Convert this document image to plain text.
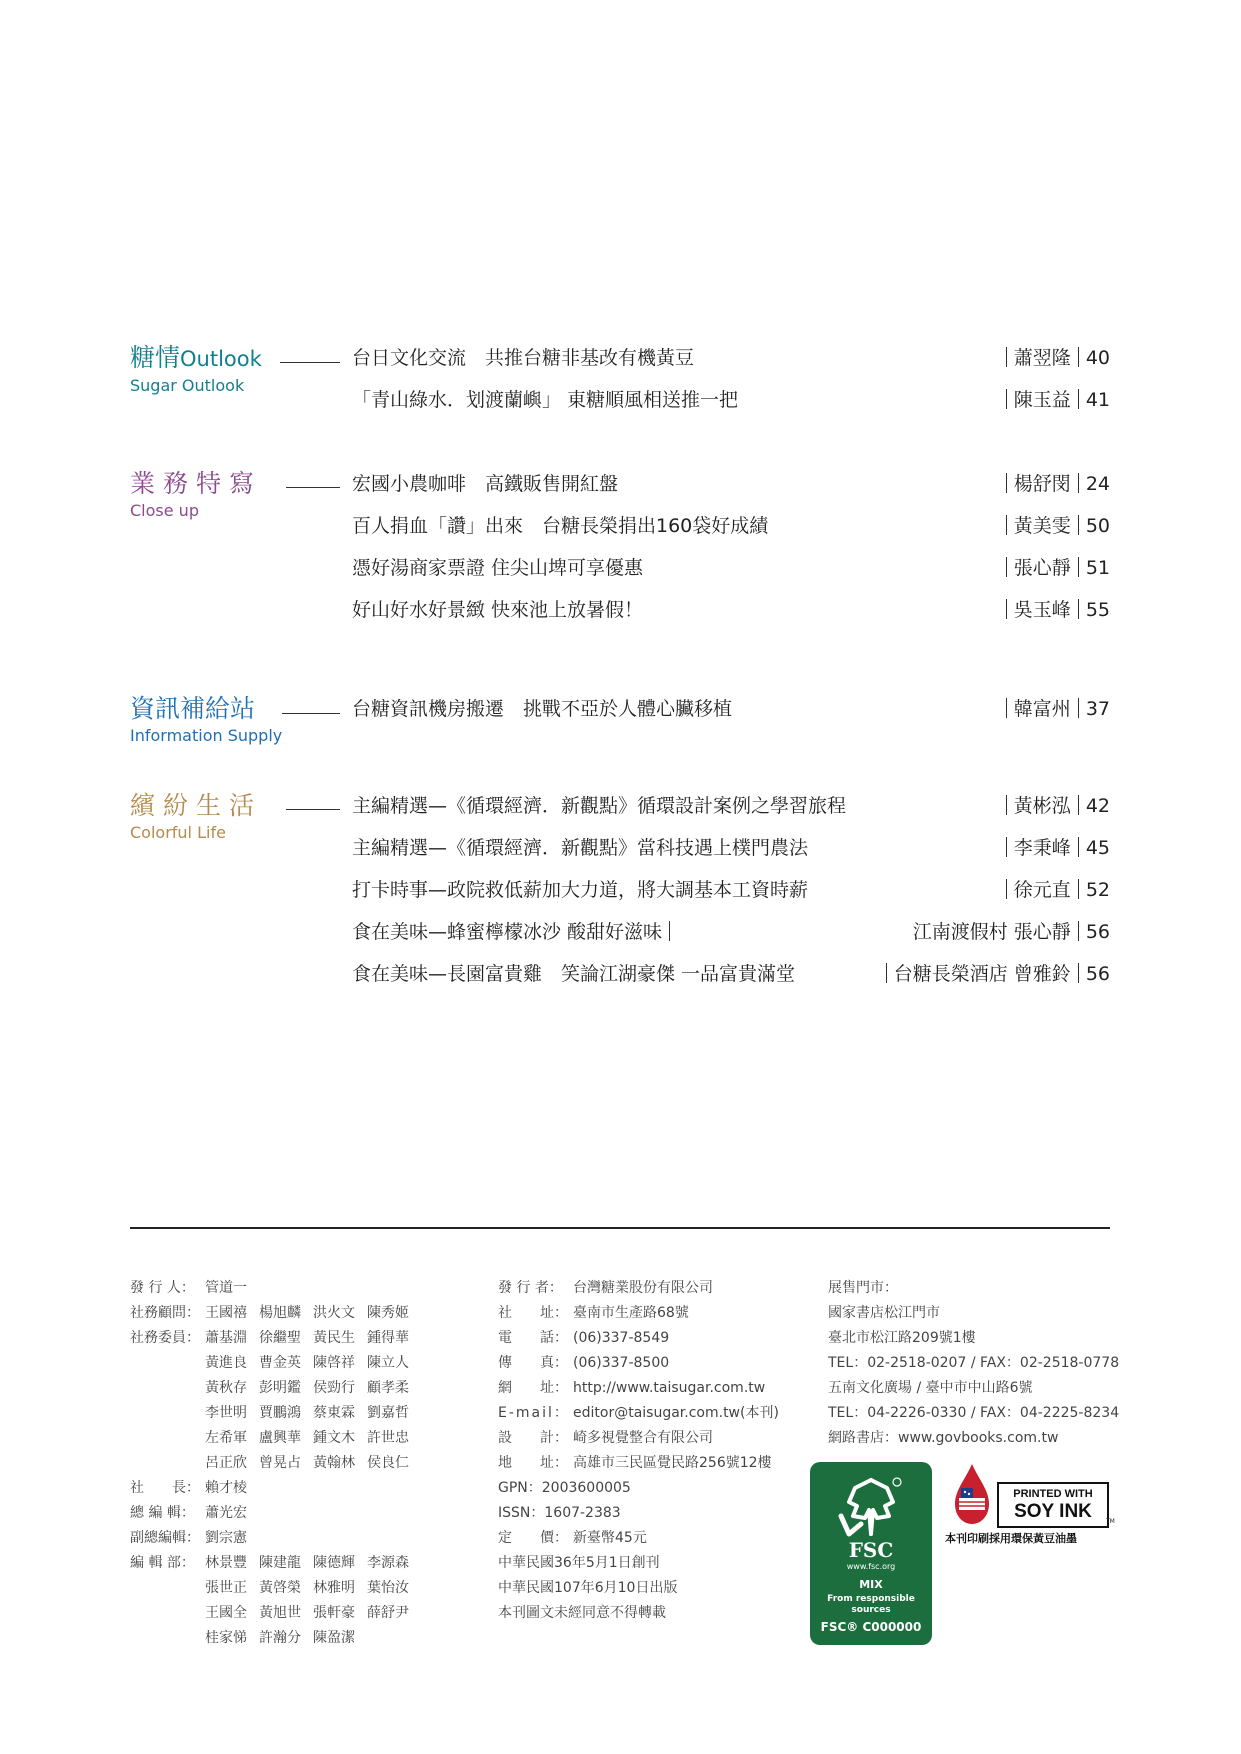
糖情Outlook
Sugar Outlook
台日文化交流　共推台糖非基改有機黃豆	蕭翌隆 40
「青山綠水．划渡蘭嶼」 東糖順風相送推一把	陳玉益 41
業務特寫
Close up
宏國小農咖啡　高鐵販售開紅盤	楊舒閔 24
百人捐血「讚」出來　台糖長榮捐出160袋好成績	黃美雯 50
憑好湯商家票證 住尖山埤可享優惠	張心靜 51
好山好水好景緻 快來池上放暑假！	吳玉峰 55
資訊補給站
Information Supply
台糖資訊機房搬遷　挑戰不亞於人體心臟移植	韓富州 37
繽紛生活
Colorful Life
主編精選—《循環經濟．新觀點》循環設計案例之學習旅程	黃彬泓 42
主編精選—《循環經濟．新觀點》當科技遇上樸門農法	李秉峰 45
打卡時事—政院救低薪加大力道，將大調基本工資時薪	徐元直 52
食在美味—蜂蜜檸檬冰沙 酸甜好滋味	江南渡假村 張心靜 56
食在美味—長園富貴雞　笑論江湖豪傑 一品富貴滿堂	台糖長榮酒店 曾雅鈴 56
發 行 人： 管道一
社務顧問： 王國禧 楊旭麟 洪火文 陳秀姬
社務委員： 蕭基淵 徐繼聖 黃民生 鍾得華
黃進良 曹金英 陳啓祥 陳立人
黃秋存 彭明鑑 侯勁行 顧孝柔
李世明 賈鵬鴻 蔡東霖 劉嘉哲
左希軍 盧興華 鍾文木 許世忠
呂正欣 曾晃占 黃翰林 侯良仁
社　　長： 賴才棱
總 編 輯： 蕭光宏
副總編輯： 劉宗憲
編 輯 部： 林景豐 陳建龍 陳德輝 李源森
張世正 黃啓榮 林雅明 葉怡汝
王國全 黃旭世 張軒豪 薛舒尹
桂家悌 許瀚分 陳盈潔
發 行 者： 台灣糖業股份有限公司
社　　址： 臺南市生產路68號
電　　話： (06)337-8549
傳　　真： (06)337-8500
網　　址： http://www.taisugar.com.tw
E-mail： editor@taisugar.com.tw(本刊)
設　　計： 崎多視覺整合有限公司
地　　址： 高雄市三民區覺民路256號12樓
GPN：2003600005
ISSN：1607-2383
定　　價： 新臺幣45元
中華民國36年5月1日創刊
中華民國107年6月10日出版
本刊圖文未經同意不得轉載
展售門市：
國家書店松江門市
臺北市松江路209號1樓
TEL：02-2518-0207 / FAX：02-2518-0778
五南文化廣場 / 臺中市中山路6號
TEL：04-2226-0330 / FAX：04-2225-8234
網路書店：www.govbooks.com.tw
FSC
www.fsc.org
MIX
From responsible sources
FSC® C000000
PRINTED WITH
SOY INK	TM
本刊印刷採用環保黃豆油墨
